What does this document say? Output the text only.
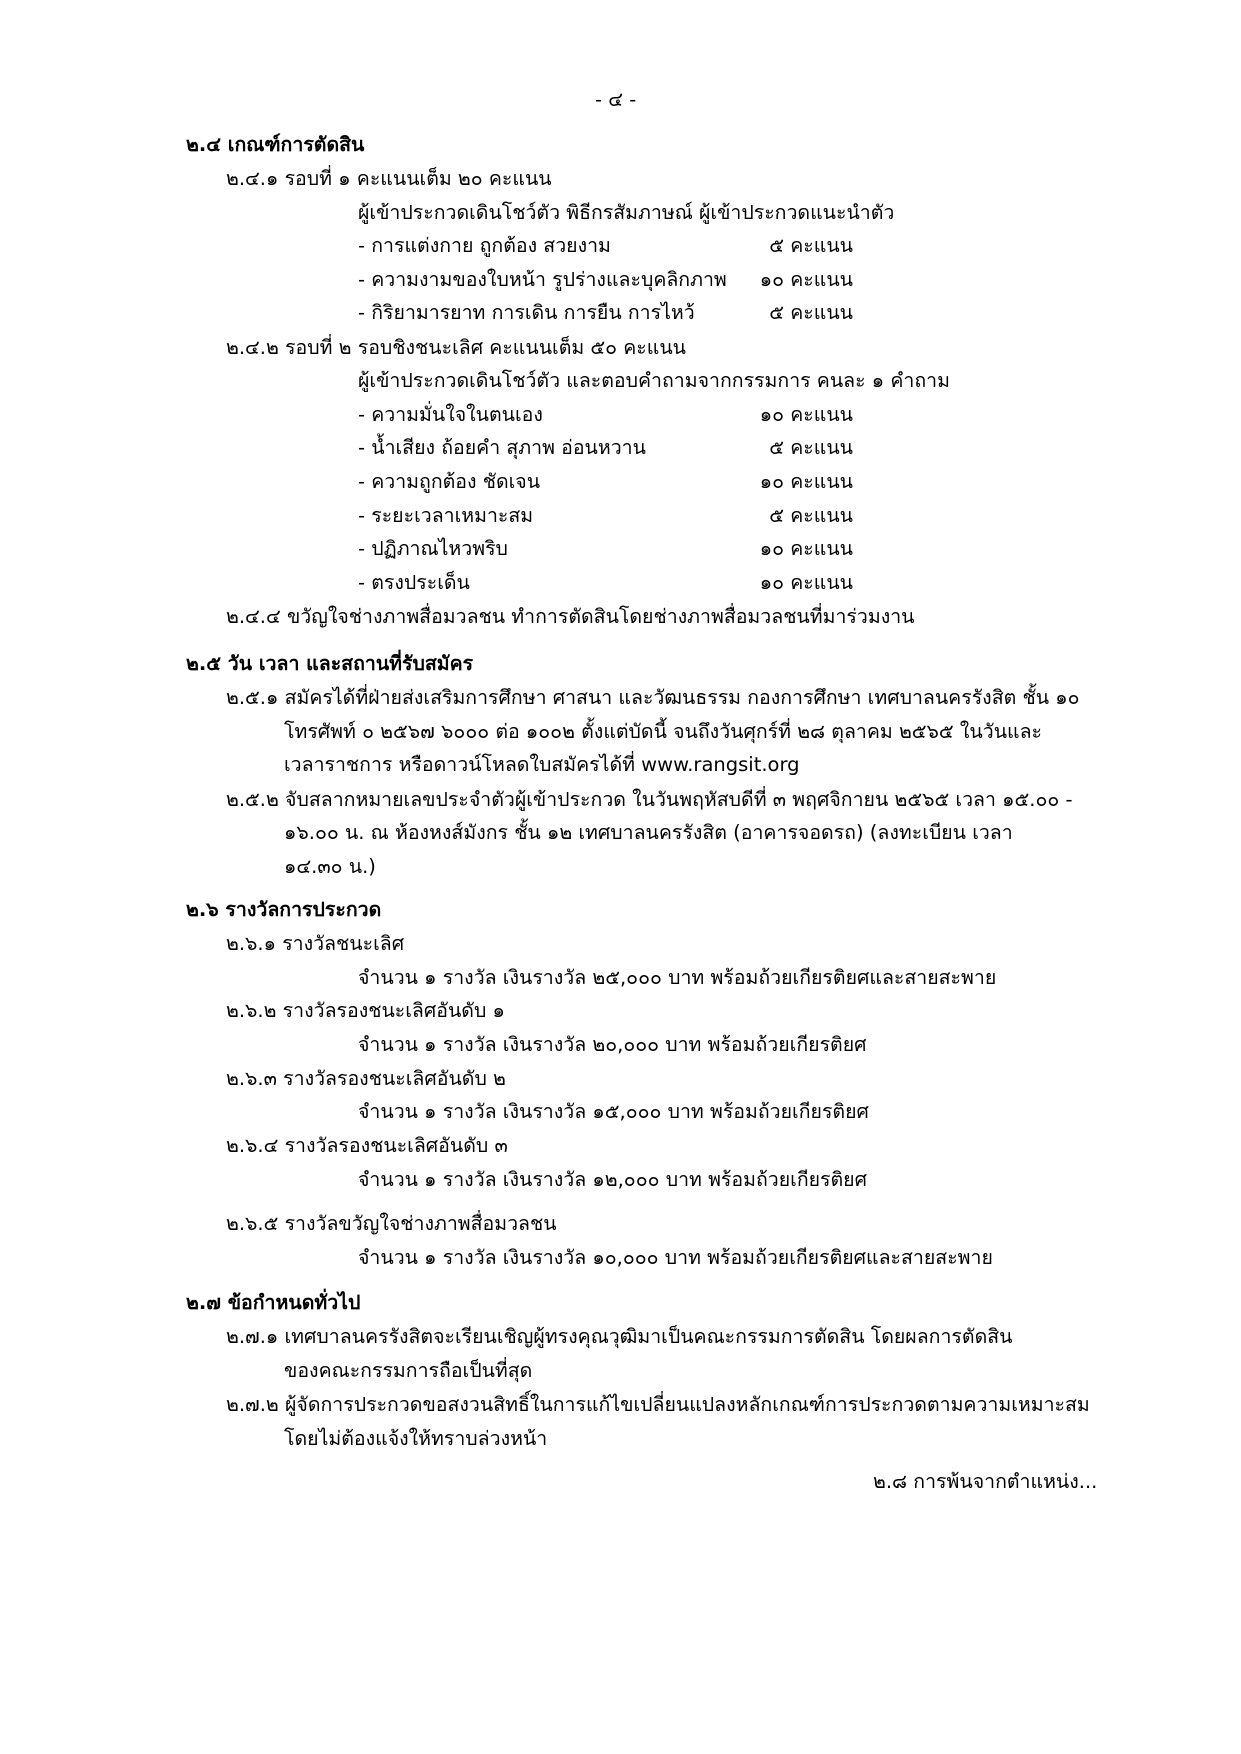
- ๔ -
๒.๔ เกณฑ์การตัดสิน
๒.๔.๑ รอบที่ ๑ คะแนนเต็ม ๒๐ คะแนน
ผู้เข้าประกวดเดินโชว์ตัว พิธีกรสัมภาษณ์ ผู้เข้าประกวดแนะนำตัว
- การแต่งกาย ถูกต้อง สวยงาม	๕ คะแนน
- ความงามของใบหน้า รูปร่างและบุคลิกภาพ	๑๐ คะแนน
- กิริยามารยาท การเดิน การยืน การไหว้	๕ คะแนน
๒.๔.๒ รอบที่ ๒ รอบชิงชนะเลิศ คะแนนเต็ม ๕๐ คะแนน
ผู้เข้าประกวดเดินโชว์ตัว และตอบคำถามจากกรรมการ คนละ ๑ คำถาม
- ความมั่นใจในตนเอง	๑๐ คะแนน
- น้ำเสียง ถ้อยคำ สุภาพ อ่อนหวาน	๕ คะแนน
- ความถูกต้อง ชัดเจน	๑๐ คะแนน
- ระยะเวลาเหมาะสม	๕ คะแนน
- ปฏิภาณไหวพริบ	๑๐ คะแนน
- ตรงประเด็น	๑๐ คะแนน
๒.๔.๔ ขวัญใจช่างภาพสื่อมวลชน ทำการตัดสินโดยช่างภาพสื่อมวลชนที่มาร่วมงาน
๒.๕ วัน เวลา และสถานที่รับสมัคร
๒.๕.๑ สมัครได้ที่ฝ่ายส่งเสริมการศึกษา ศาสนา และวัฒนธรรม กองการศึกษา เทศบาลนครรังสิต ชั้น ๑๐
โทรศัพท์ ๐ ๒๕๖๗ ๖๐๐๐ ต่อ ๑๐๐๒ ตั้งแต่บัดนี้ จนถึงวันศุกร์ที่ ๒๘ ตุลาคม ๒๕๖๕ ในวันและ
เวลาราชการ หรือดาวน์โหลดใบสมัครได้ที่ www.rangsit.org
๒.๕.๒ จับสลากหมายเลขประจำตัวผู้เข้าประกวด ในวันพฤหัสบดีที่ ๓ พฤศจิกายน ๒๕๖๕ เวลา ๑๕.๐๐ -
๑๖.๐๐ น. ณ ห้องหงส์มังกร ชั้น ๑๒ เทศบาลนครรังสิต (อาคารจอดรถ) (ลงทะเบียน เวลา
๑๔.๓๐ น.)
๒.๖ รางวัลการประกวด
๒.๖.๑ รางวัลชนะเลิศ
จำนวน ๑ รางวัล เงินรางวัล ๒๕,๐๐๐ บาท พร้อมถ้วยเกียรติยศและสายสะพาย
๒.๖.๒ รางวัลรองชนะเลิศอันดับ ๑
จำนวน ๑ รางวัล เงินรางวัล ๒๐,๐๐๐ บาท พร้อมถ้วยเกียรติยศ
๒.๖.๓ รางวัลรองชนะเลิศอันดับ ๒
จำนวน ๑ รางวัล เงินรางวัล ๑๕,๐๐๐ บาท พร้อมถ้วยเกียรติยศ
๒.๖.๔ รางวัลรองชนะเลิศอันดับ ๓
จำนวน ๑ รางวัล เงินรางวัล ๑๒,๐๐๐ บาท พร้อมถ้วยเกียรติยศ
๒.๖.๕ รางวัลขวัญใจช่างภาพสื่อมวลชน
จำนวน ๑ รางวัล เงินรางวัล ๑๐,๐๐๐ บาท พร้อมถ้วยเกียรติยศและสายสะพาย
๒.๗ ข้อกำหนดทั่วไป
๒.๗.๑ เทศบาลนครรังสิตจะเรียนเชิญผู้ทรงคุณวุฒิมาเป็นคณะกรรมการตัดสิน โดยผลการตัดสิน
ของคณะกรรมการถือเป็นที่สุด
๒.๗.๒ ผู้จัดการประกวดขอสงวนสิทธิ์ในการแก้ไขเปลี่ยนแปลงหลักเกณฑ์การประกวดตามความเหมาะสม
โดยไม่ต้องแจ้งให้ทราบล่วงหน้า
๒.๘ การพ้นจากตำแหน่ง...
